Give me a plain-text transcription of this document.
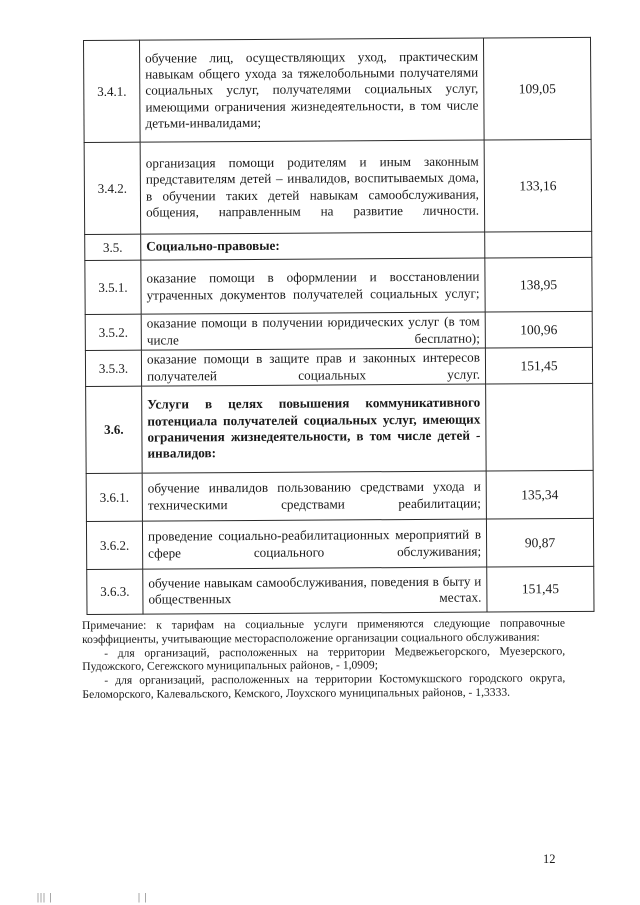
3.4.1.	обучение лиц, осуществляющих уход, практическим навыкам общего ухода за тяжелобольными получателями социальных услуг, получателями социальных услуг, имеющими ограничения жизнедеятельности, в том числе детьми-инвалидами;	109,05
3.4.2.	организация помощи родителям и иным законным представителям детей – инвалидов, воспитываемых дома, в обучении таких детей навыкам самообслуживания, общения, направленным на развитие личности.	133,16
3.5.	Социально-правовые:	
3.5.1.	оказание помощи в оформлении и восстановлении утраченных документов получателей социальных услуг;	138,95
3.5.2.	оказание помощи в получении юридических услуг (в том числе бесплатно);	100,96
3.5.3.	оказание помощи в защите прав и законных интересов получателей социальных услуг.	151,45
3.6.	Услуги в целях повышения коммуникативного потенциала получателей социальных услуг, имеющих ограничения жизнедеятельности, в том числе детей - инвалидов:	
3.6.1.	обучение инвалидов пользованию средствами ухода и техническими средствами реабилитации;	135,34
3.6.2.	проведение социально-реабилитационных мероприятий в сфере социального обслуживания;	90,87
3.6.3.	обучение навыкам самообслуживания, поведения в быту и общественных местах.	151,45

Примечание: к тарифам на социальные услуги применяются следующие поправочные коэффициенты, учитывающие месторасположение организации социального обслуживания:

- для организаций, расположенных на территории Медвежьегорского, Муезерского, Пудожского, Сегежского муниципальных районов, - 1,0909;

- для организаций, расположенных на территории Костомукшского городского округа, Беломорского, Калевальского, Кемского, Лоухского муниципальных районов, - 1,3333.

12
||| |	| |
